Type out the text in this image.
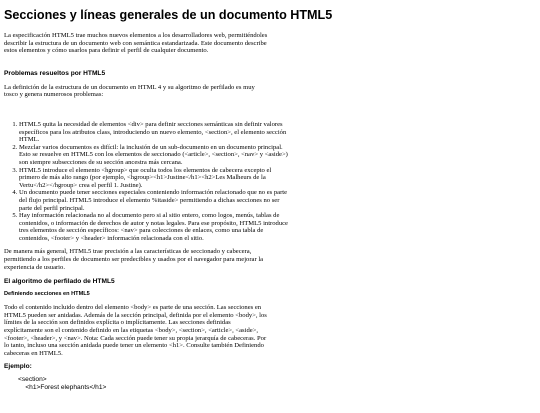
Secciones y líneas generales de un documento HTML5

La especificación HTML5 trae muchos nuevos elementos a los desarrolladores web, permitiéndoles describir la estructura de un documento web con semántica estandarizada. Este documento describe estos elementos y cómo usarlos para definir el perfil de cualquier documento.

Problemas resueltos por HTML5

La definición de la estructura de un documento en HTML 4 y su algoritmo de perfilado es muy tosco y genera numerosos problemas:

1. HTML5 quita la necesidad de elementos <div> para definir secciones semánticas sin definir valores específicos para los atributos class, introduciendo un nuevo elemento, <section>, el elemento sección HTML.
2. Mezclar varios documentos es difícil: la inclusión de un sub-documento en un documento principal. Esto se resuelve en HTML5 con los elementos de seccionado (<article>, <section>, <nav> y <aside>) son siempre subsecciones de su sección ancestra más cercana.
3. HTML5 introduce el elemento <hgroup> que oculta todos los elementos de cabecera excepto el primero de más alto rango (por ejemplo, <hgroup><h1>Justine</h1><h2>Les Malheurs de la Vertu</h2></hgroup> crea el perfil 1. Justine).
4. Un documento puede tener secciones especiales conteniendo información relacionado que no es parte del flujo principal. HTML5 introduce el elemento %itaside> permitiendo a dichas secciones no ser parte del perfil principal.
5. Hay información relacionada no al documento pero si al sitio entero, como logos, menús, tablas de contenidos, o información de derechos de autor y notas legales. Para ese propósito, HTML5 introduce tres elementos de sección específicos: <nav> para colecciones de enlaces, como una tabla de contenidos, <footer> y <header> información relacionada con el sitio.

De manera más general, HTML5 trae precisión a las características de seccionado y cabecera, permitiendo a los perfiles de documento ser predecibles y usados por el navegador para mejorar la experiencia de usuario.

El algoritmo de perfilado de HTML5
Definiendo secciones en HTML5

Todo el contenido incluido dentro del elemento <body> es parte de una sección. Las secciones en HTML5 pueden ser anidadas. Además de la sección principal, definida por el elemento <body>, los límites de la sección son definidos explícita o implícitamente. Las secciones definidas explícitamente son el contenido definido en las etiquetas <body>, <section>, <article>, <aside>, <footer>, <header>, y <nav>. Nota: Cada sección puede tener su propia jerarquía de cabeceras. Por lo tanto, incluso una sección anidada puede tener un elemento <h1>. Consulte también Definiendo cabeceras en HTML5.

Ejemplo:
<section>
<h1>Forest elephants</h1>
